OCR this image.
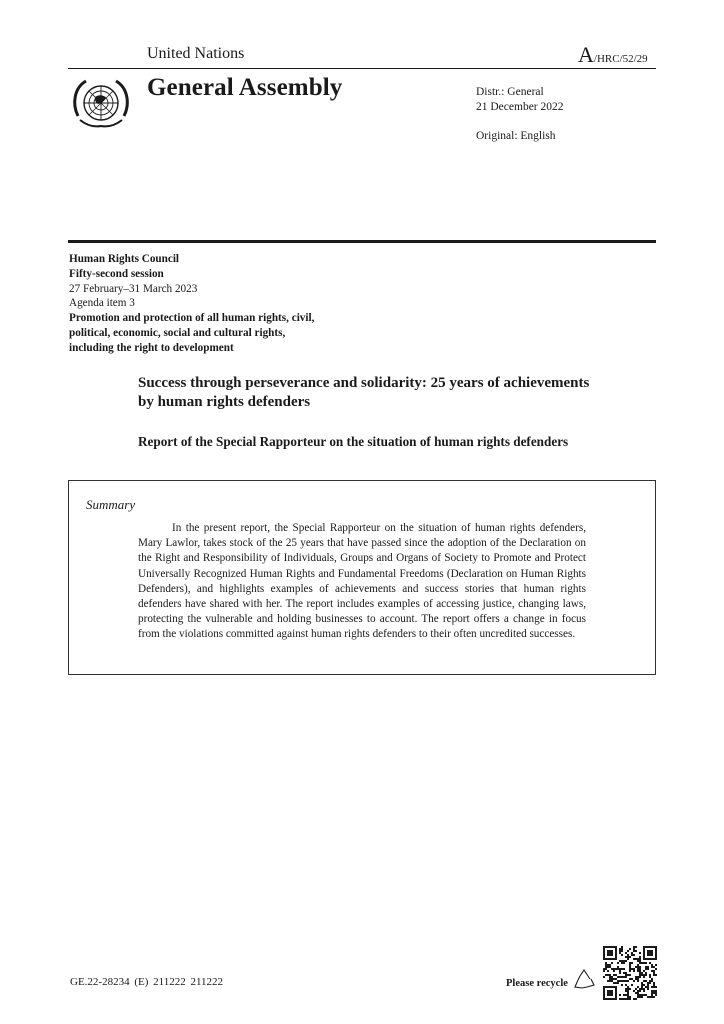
United Nations	A/HRC/52/29
General Assembly	Distr.: General
21 December 2022
Original: English
Human Rights Council
Fifty-second session
27 February–31 March 2023
Agenda item 3
Promotion and protection of all human rights, civil,
political, economic, social and cultural rights,
including the right to development
Success through perseverance and solidarity: 25 years of achievements by human rights defenders
Report of the Special Rapporteur on the situation of human rights defenders
Summary
In the present report, the Special Rapporteur on the situation of human rights defenders, Mary Lawlor, takes stock of the 25 years that have passed since the adoption of the Declaration on the Right and Responsibility of Individuals, Groups and Organs of Society to Promote and Protect Universally Recognized Human Rights and Fundamental Freedoms (Declaration on Human Rights Defenders), and highlights examples of achievements and success stories that human rights defenders have shared with her. The report includes examples of accessing justice, changing laws, protecting the vulnerable and holding businesses to account. The report offers a change in focus from the violations committed against human rights defenders to their often uncredited successes.
GE.22-28234 (E) 211222 211222	Please recycle
